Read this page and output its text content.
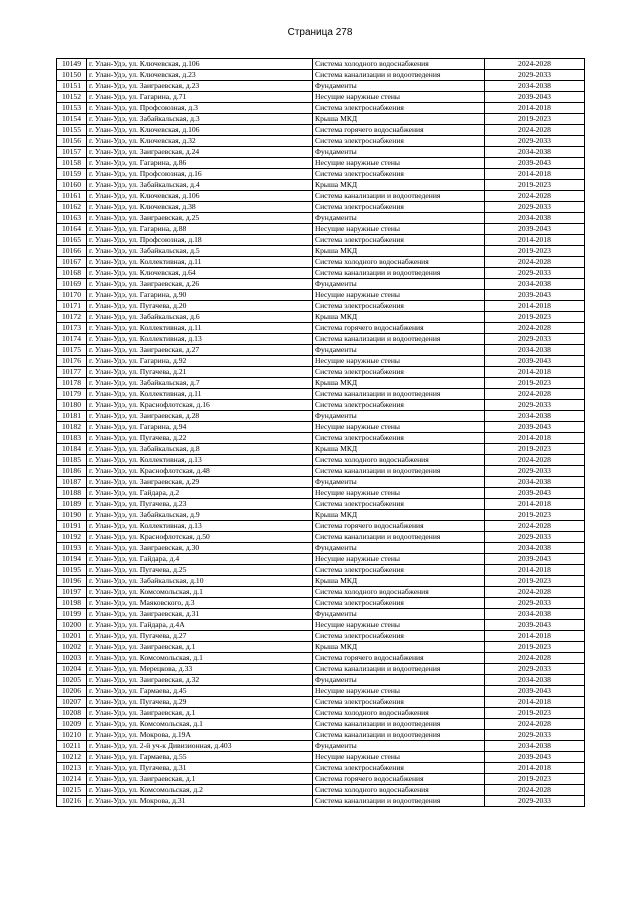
Страница 278
10149	г. Улан-Удэ, ул. Ключевская, д.106	Система холодного водоснабжения	2024-2028
10150	г. Улан-Удэ, ул. Ключевская, д.23	Система канализации и водоотведения	2029-2033
10151	г. Улан-Удэ, ул. Заиграевская, д.23	Фундаменты	2034-2038
10152	г. Улан-Удэ, ул. Гагарина, д.71	Несущие наружные стены	2039-2043
10153	г. Улан-Удэ, ул. Профсоюзная, д.3	Система электроснабжения	2014-2018
10154	г. Улан-Удэ, ул. Забайкальская, д.3	Крыша МКД	2019-2023
10155	г. Улан-Удэ, ул. Ключевская, д.106	Система горячего водоснабжения	2024-2028
10156	г. Улан-Удэ, ул. Ключевская, д.32	Система электроснабжения	2029-2033
10157	г. Улан-Удэ, ул. Заиграевская, д.24	Фундаменты	2034-2038
10158	г. Улан-Удэ, ул. Гагарина, д.86	Несущие наружные стены	2039-2043
10159	г. Улан-Удэ, ул. Профсоюзная, д.16	Система электроснабжения	2014-2018
10160	г. Улан-Удэ, ул. Забайкальская, д.4	Крыша МКД	2019-2023
10161	г. Улан-Удэ, ул. Ключевская, д.106	Система канализации и водоотведения	2024-2028
10162	г. Улан-Удэ, ул. Ключевская, д.38	Система электроснабжения	2029-2033
10163	г. Улан-Удэ, ул. Заиграевская, д.25	Фундаменты	2034-2038
10164	г. Улан-Удэ, ул. Гагарина, д.88	Несущие наружные стены	2039-2043
10165	г. Улан-Удэ, ул. Профсоюзная, д.18	Система электроснабжения	2014-2018
10166	г. Улан-Удэ, ул. Забайкальская, д.5	Крыша МКД	2019-2023
10167	г. Улан-Удэ, ул. Коллективная, д.11	Система холодного водоснабжения	2024-2028
10168	г. Улан-Удэ, ул. Ключевская, д.64	Система канализации и водоотведения	2029-2033
10169	г. Улан-Удэ, ул. Заиграевская, д.26	Фундаменты	2034-2038
10170	г. Улан-Удэ, ул. Гагарина, д.90	Несущие наружные стены	2039-2043
10171	г. Улан-Удэ, ул. Пугачева, д.20	Система электроснабжения	2014-2018
10172	г. Улан-Удэ, ул. Забайкальская, д.6	Крыша МКД	2019-2023
10173	г. Улан-Удэ, ул. Коллективная, д.11	Система горячего водоснабжения	2024-2028
10174	г. Улан-Удэ, ул. Коллективная, д.13	Система канализации и водоотведения	2029-2033
10175	г. Улан-Удэ, ул. Заиграевская, д.27	Фундаменты	2034-2038
10176	г. Улан-Удэ, ул. Гагарина, д.92	Несущие наружные стены	2039-2043
10177	г. Улан-Удэ, ул. Пугачева, д.21	Система электроснабжения	2014-2018
10178	г. Улан-Удэ, ул. Забайкальская, д.7	Крыша МКД	2019-2023
10179	г. Улан-Удэ, ул. Коллективная, д.11	Система канализации и водоотведения	2024-2028
10180	г. Улан-Удэ, ул. Краснофлотская, д.16	Система электроснабжения	2029-2033
10181	г. Улан-Удэ, ул. Заиграевская, д.28	Фундаменты	2034-2038
10182	г. Улан-Удэ, ул. Гагарина, д.94	Несущие наружные стены	2039-2043
10183	г. Улан-Удэ, ул. Пугачева, д.22	Система электроснабжения	2014-2018
10184	г. Улан-Удэ, ул. Забайкальская, д.8	Крыша МКД	2019-2023
10185	г. Улан-Удэ, ул. Коллективная, д.13	Система холодного водоснабжения	2024-2028
10186	г. Улан-Удэ, ул. Краснофлотская, д.48	Система канализации и водоотведения	2029-2033
10187	г. Улан-Удэ, ул. Заиграевская, д.29	Фундаменты	2034-2038
10188	г. Улан-Удэ, ул. Гайдара, д.2	Несущие наружные стены	2039-2043
10189	г. Улан-Удэ, ул. Пугачева, д.23	Система электроснабжения	2014-2018
10190	г. Улан-Удэ, ул. Забайкальская, д.9	Крыша МКД	2019-2023
10191	г. Улан-Удэ, ул. Коллективная, д.13	Система горячего водоснабжения	2024-2028
10192	г. Улан-Удэ, ул. Краснофлотская, д.50	Система канализации и водоотведения	2029-2033
10193	г. Улан-Удэ, ул. Заиграевская, д.30	Фундаменты	2034-2038
10194	г. Улан-Удэ, ул. Гайдара, д.4	Несущие наружные стены	2039-2043
10195	г. Улан-Удэ, ул. Пугачева, д.25	Система электроснабжения	2014-2018
10196	г. Улан-Удэ, ул. Забайкальская, д.10	Крыша МКД	2019-2023
10197	г. Улан-Удэ, ул. Комсомольская, д.1	Система холодного водоснабжения	2024-2028
10198	г. Улан-Удэ, ул. Маяковского, д.3	Система электроснабжения	2029-2033
10199	г. Улан-Удэ, ул. Заиграевская, д.31	Фундаменты	2034-2038
10200	г. Улан-Удэ, ул. Гайдара, д.4А	Несущие наружные стены	2039-2043
10201	г. Улан-Удэ, ул. Пугачева, д.27	Система электроснабжения	2014-2018
10202	г. Улан-Удэ, ул. Заиграевская, д.1	Крыша МКД	2019-2023
10203	г. Улан-Удэ, ул. Комсомольская, д.1	Система горячего водоснабжения	2024-2028
10204	г. Улан-Удэ, ул. Мерецкова, д.33	Система канализации и водоотведения	2029-2033
10205	г. Улан-Удэ, ул. Заиграевская, д.32	Фундаменты	2034-2038
10206	г. Улан-Удэ, ул. Гармаева, д.45	Несущие наружные стены	2039-2043
10207	г. Улан-Удэ, ул. Пугачева, д.29	Система электроснабжения	2014-2018
10208	г. Улан-Удэ, ул. Заиграевская, д.1	Система холодного водоснабжения	2019-2023
10209	г. Улан-Удэ, ул. Комсомольская, д.1	Система канализации и водоотведения	2024-2028
10210	г. Улан-Удэ, ул. Мокрова, д.19А	Система канализации и водоотведения	2029-2033
10211	г. Улан-Удэ, ул. 2-й уч-к Дивизионная, д.403	Фундаменты	2034-2038
10212	г. Улан-Удэ, ул. Гармаева, д.55	Несущие наружные стены	2039-2043
10213	г. Улан-Удэ, ул. Пугачева, д.31	Система электроснабжения	2014-2018
10214	г. Улан-Удэ, ул. Заиграевская, д.1	Система горячего водоснабжения	2019-2023
10215	г. Улан-Удэ, ул. Комсомольская, д.2	Система холодного водоснабжения	2024-2028
10216	г. Улан-Удэ, ул. Мокрова, д.31	Система канализации и водоотведения	2029-2033
